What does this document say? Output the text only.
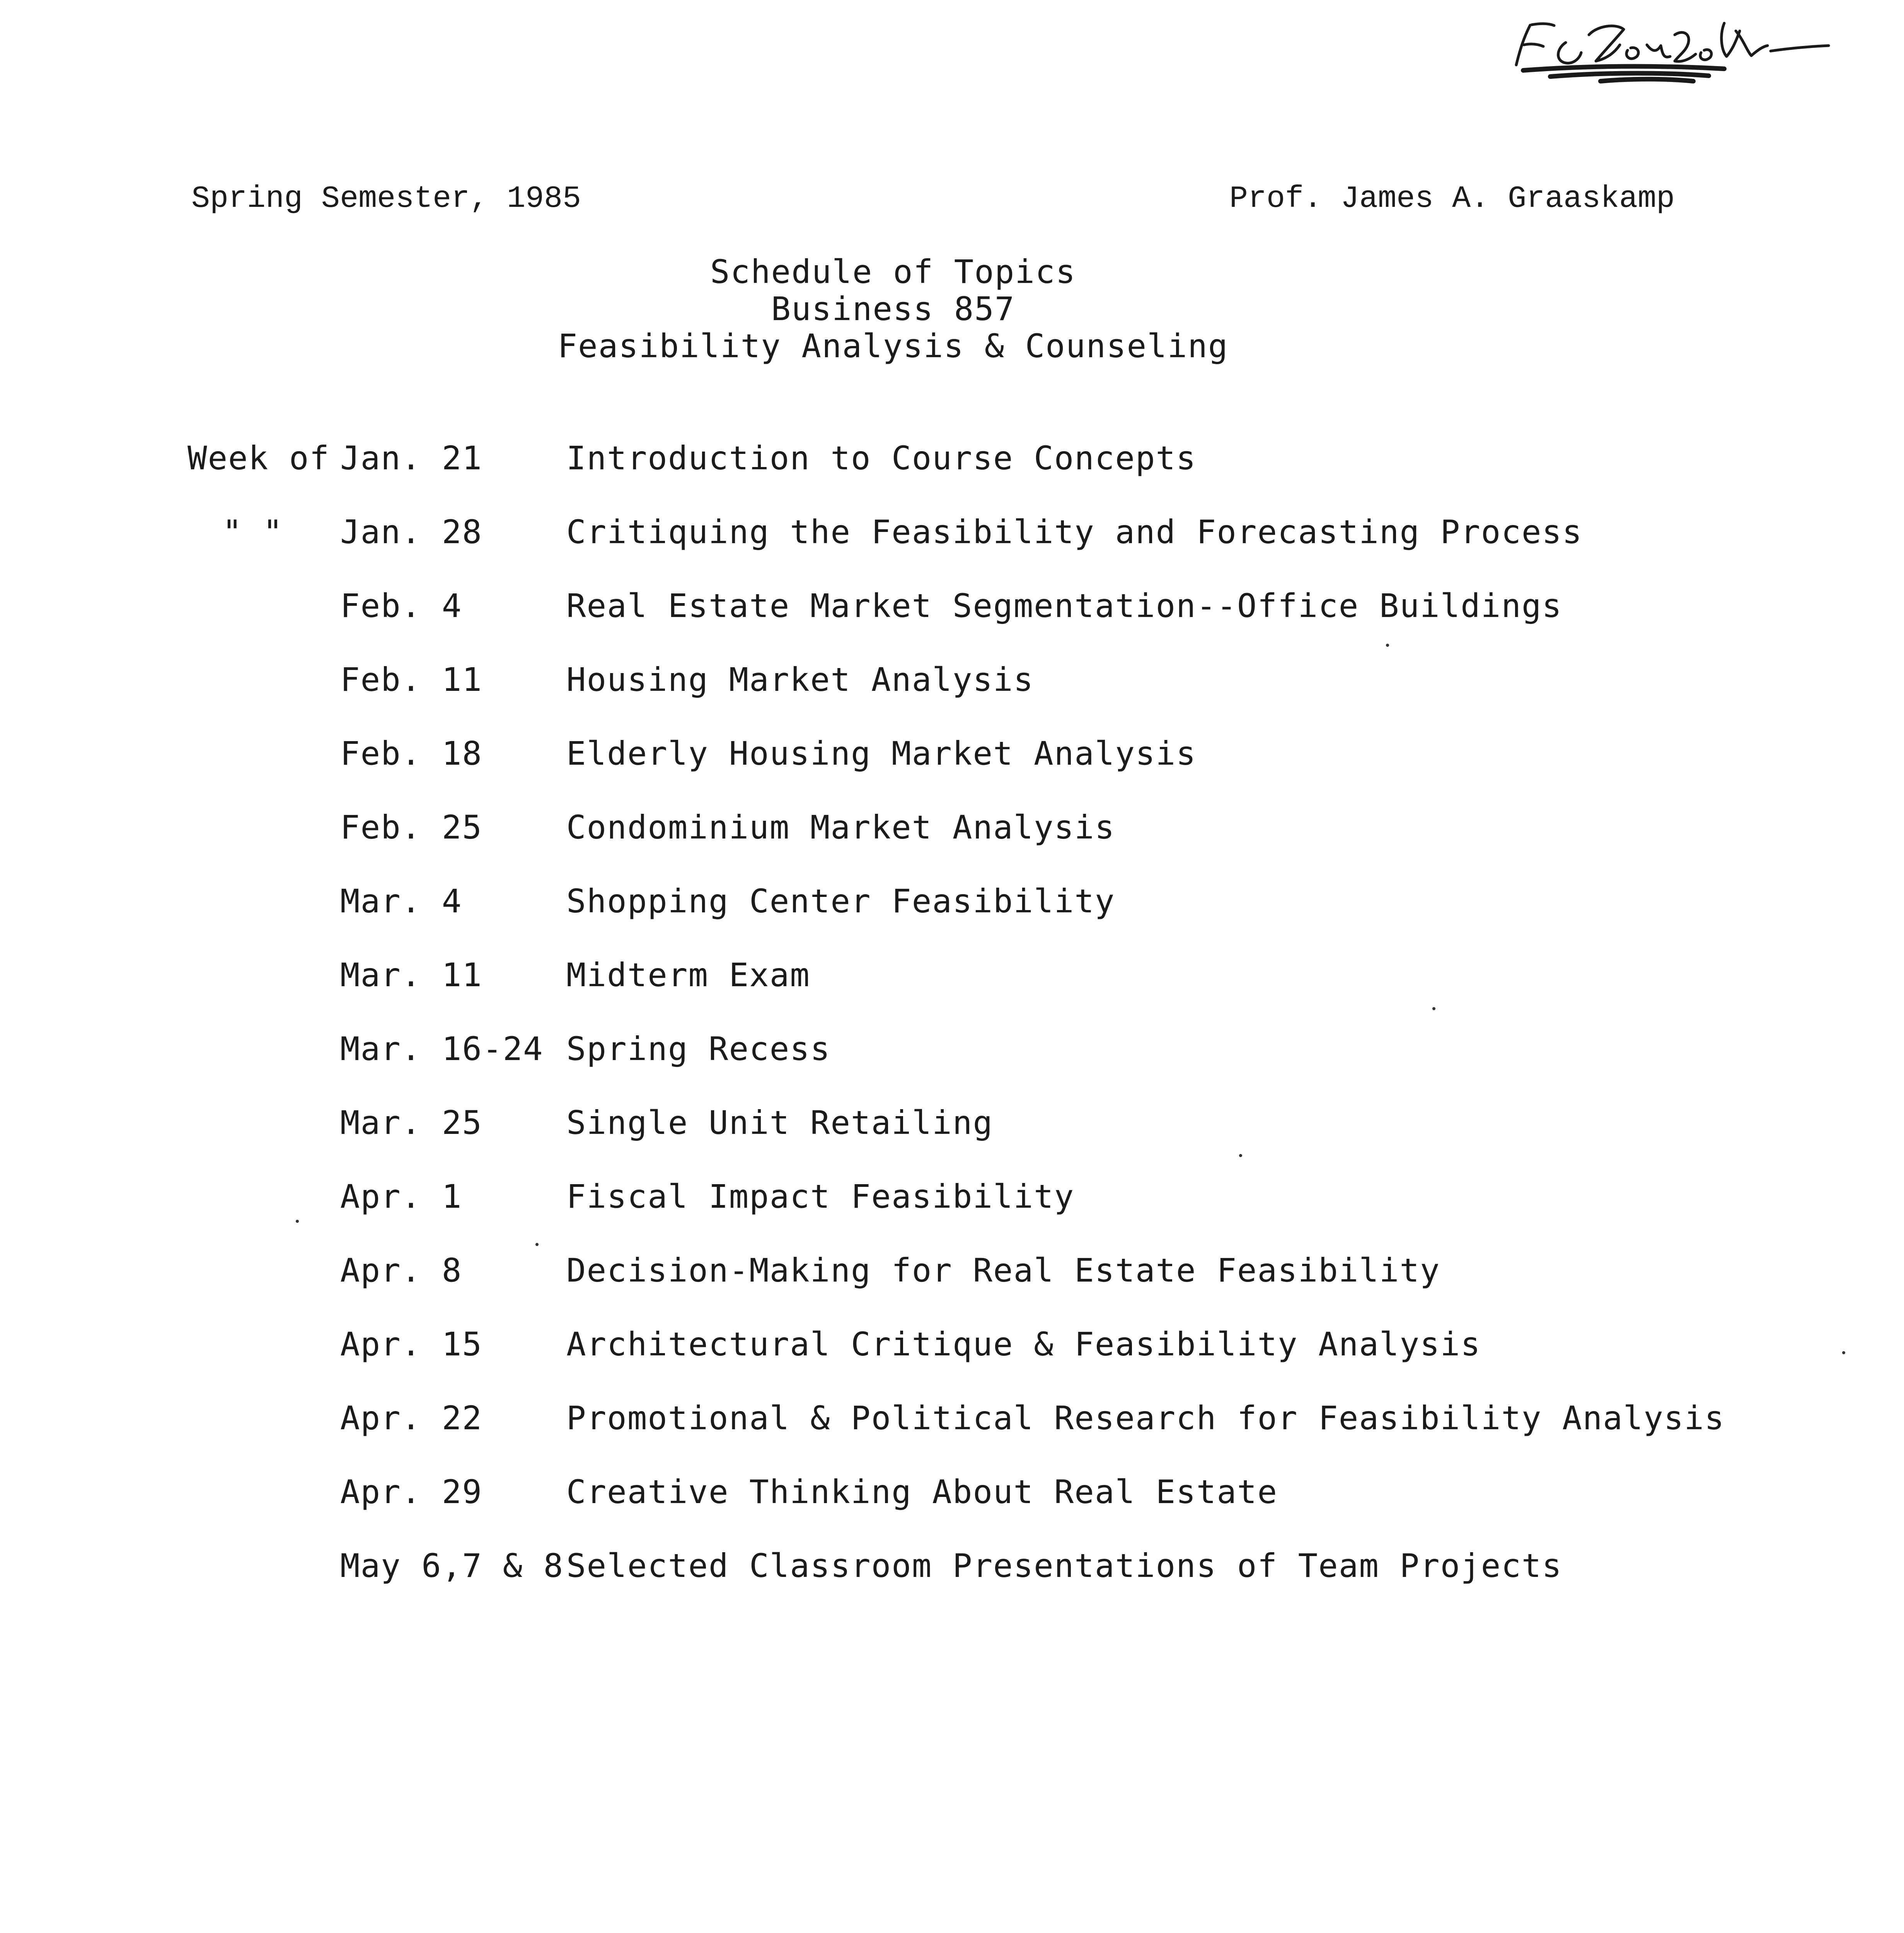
Spring Semester, 1985	Prof. James A. Graaskamp
Schedule of Topics
Business 857
Feasibility Analysis & Counseling
Week of Jan. 21	Introduction to Course Concepts
" " Jan. 28	Critiquing the Feasibility and Forecasting Process
Feb. 4	Real Estate Market Segmentation--Office Buildings
Feb. 11	Housing Market Analysis
Feb. 18	Elderly Housing Market Analysis
Feb. 25	Condominium Market Analysis
Mar. 4	Shopping Center Feasibility
Mar. 11	Midterm Exam
Mar. 16-24 Spring Recess
Mar. 25	Single Unit Retailing
Apr. 1	Fiscal Impact Feasibility
Apr. 8	Decision-Making for Real Estate Feasibility
Apr. 15	Architectural Critique & Feasibility Analysis
Apr. 22	Promotional & Political Research for Feasibility Analysis
Apr. 29	Creative Thinking About Real Estate
May 6,7 & 8 Selected Classroom Presentations of Team Projects
